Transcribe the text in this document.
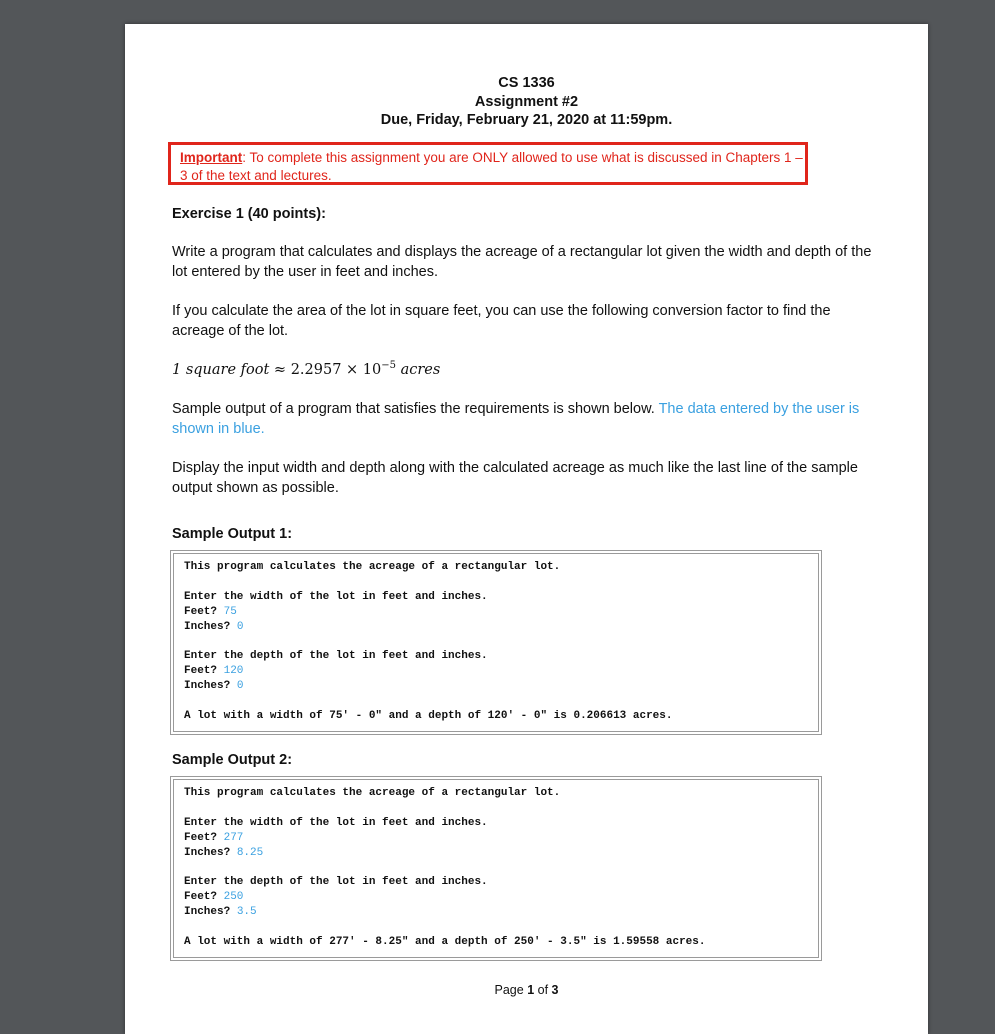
CS 1336
Assignment #2
Due, Friday, February 21, 2020 at 11:59pm.
Important: To complete this assignment you are ONLY allowed to use what is discussed in Chapters 1 – 3 of the text and lectures.
Exercise 1 (40 points):
Write a program that calculates and displays the acreage of a rectangular lot given the width and depth of the lot entered by the user in feet and inches.
If you calculate the area of the lot in square feet, you can use the following conversion factor to find the acreage of the lot.
1 square foot ≈ $2.2957 \times 10^{-5}$ acres
Sample output of a program that satisfies the requirements is shown below. The data entered by the user is shown in blue.
Display the input width and depth along with the calculated acreage as much like the last line of the sample output shown as possible.
Sample Output 1:
This program calculates the acreage of a rectangular lot.

Enter the width of the lot in feet and inches.
Feet? 75
Inches? 0

Enter the depth of the lot in feet and inches.
Feet? 120
Inches? 0

A lot with a width of 75' - 0" and a depth of 120' - 0" is 0.206613 acres.
Sample Output 2:
This program calculates the acreage of a rectangular lot.

Enter the width of the lot in feet and inches.
Feet? 277
Inches? 8.25

Enter the depth of the lot in feet and inches.
Feet? 250
Inches? 3.5

A lot with a width of 277' - 8.25" and a depth of 250' - 3.5" is 1.59558 acres.
Page 1 of 3
